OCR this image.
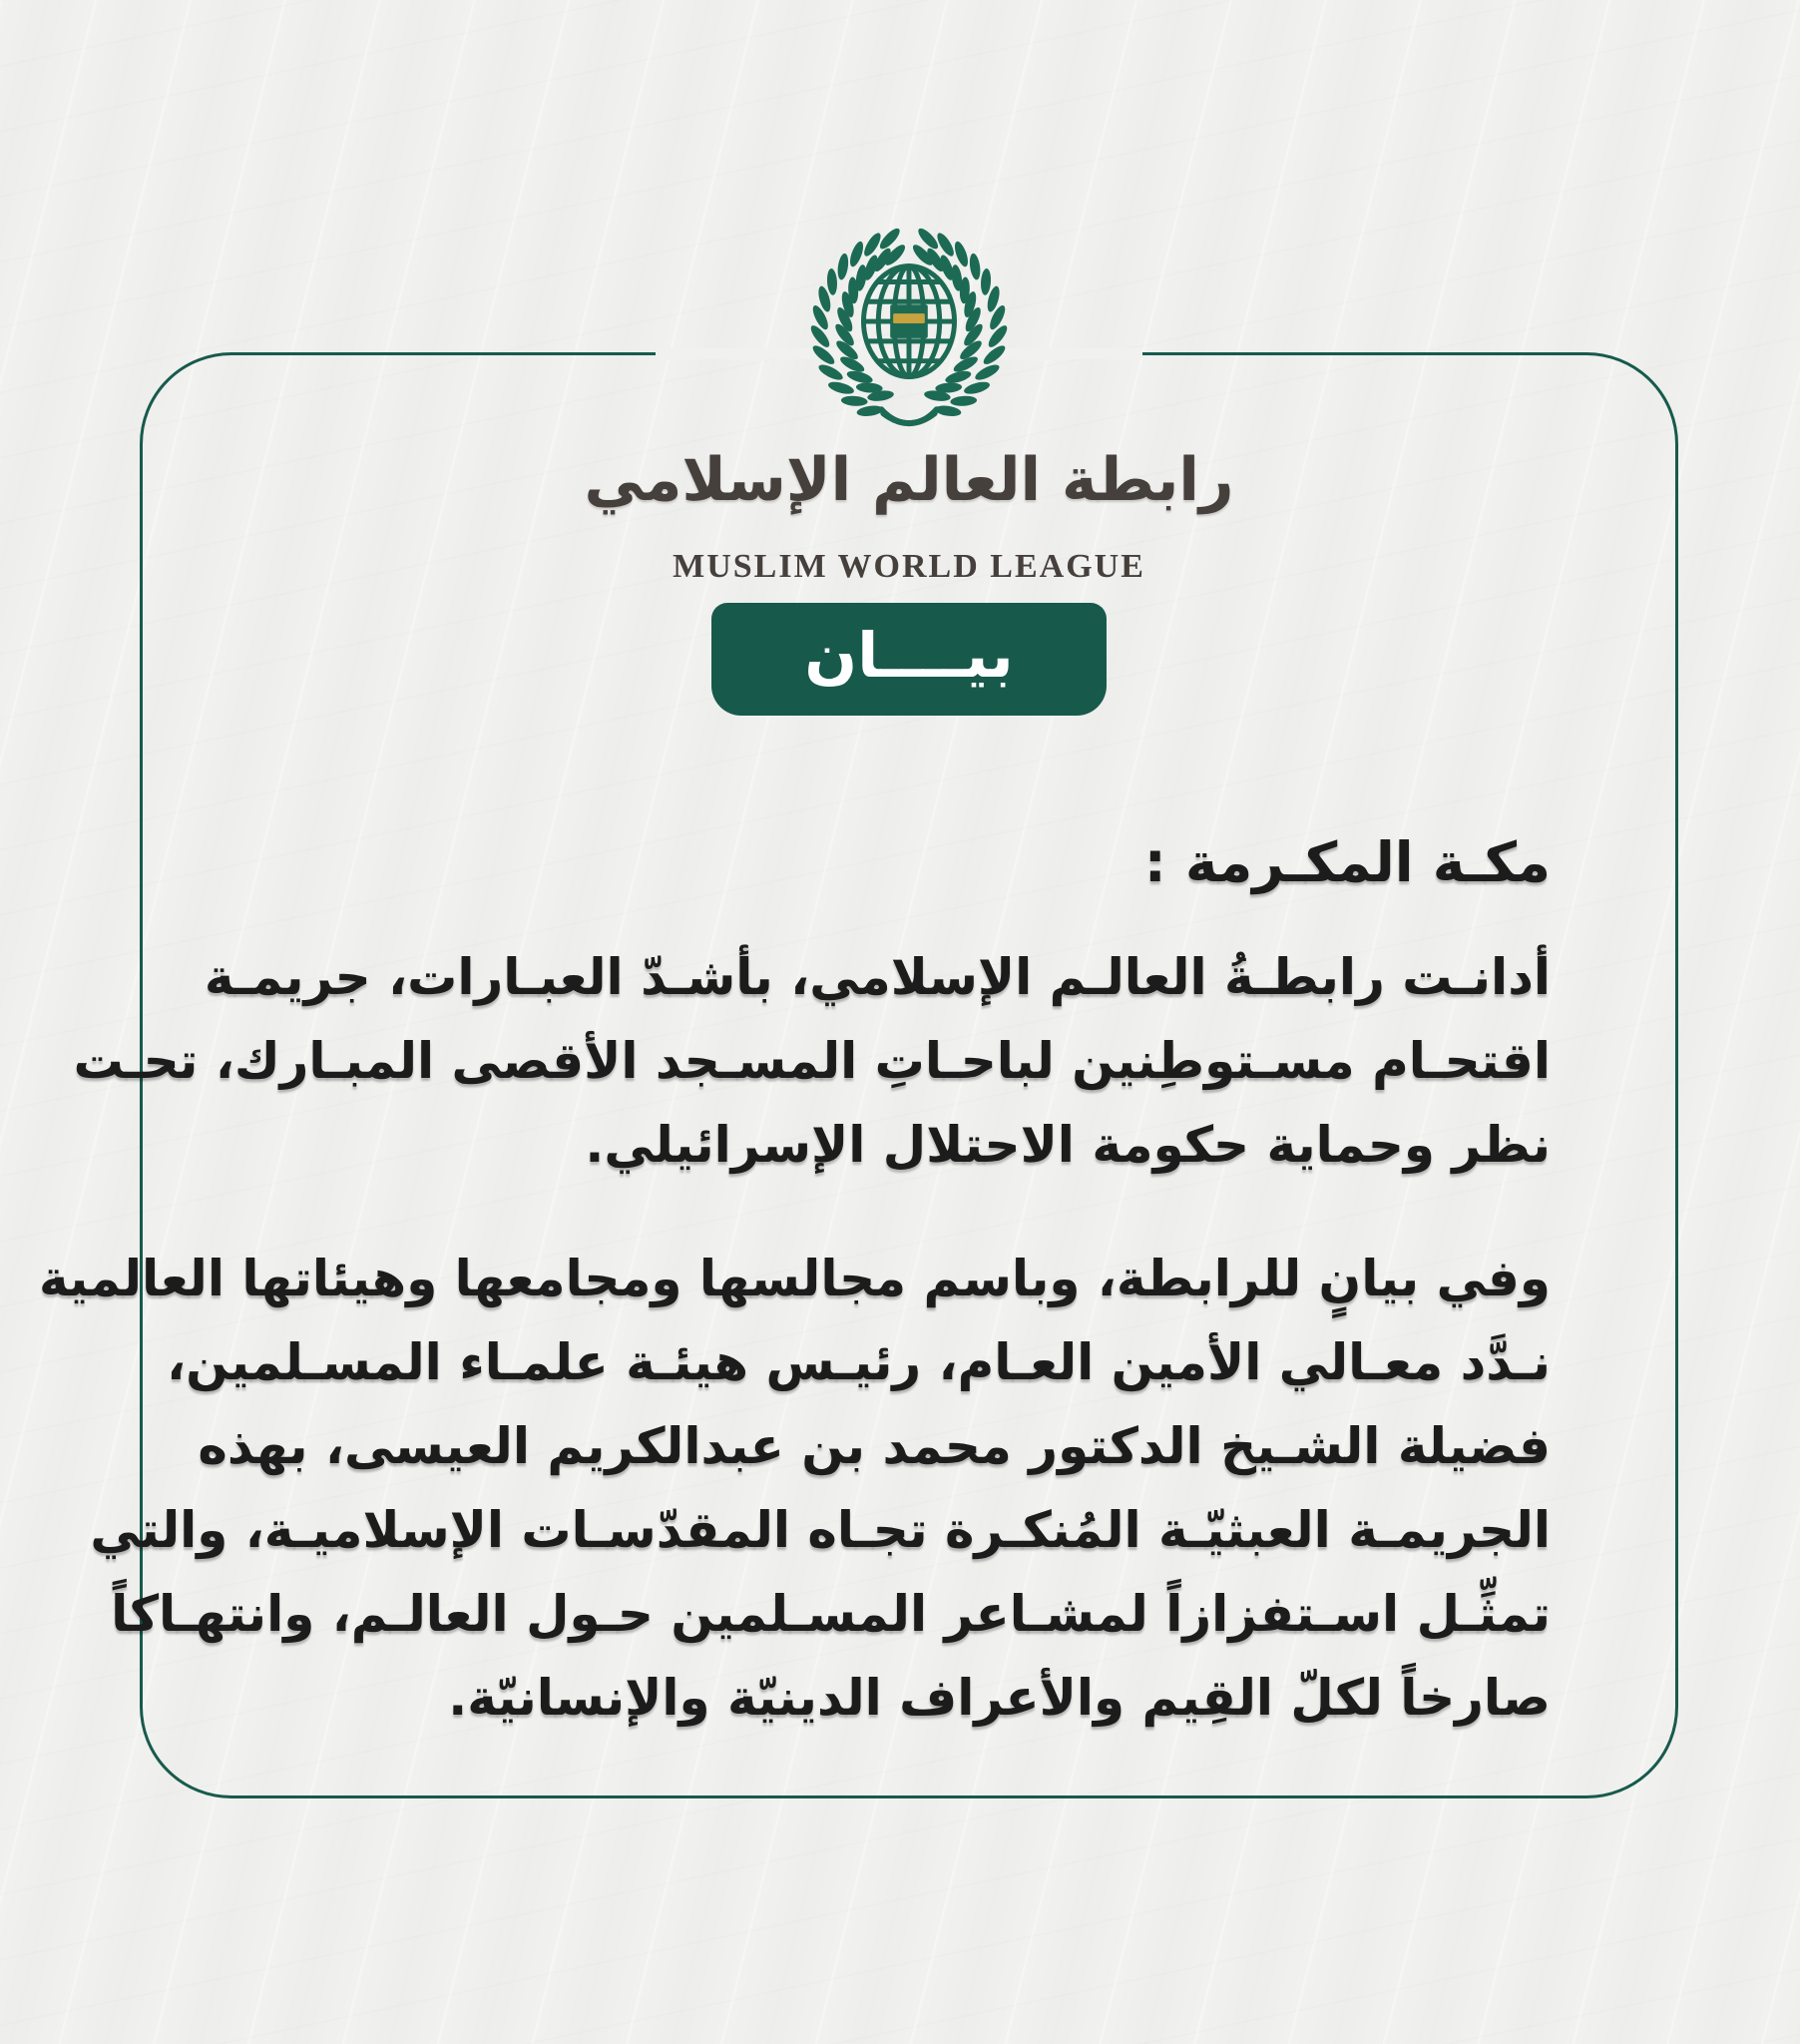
رابطة العالم الإسلامي
MUSLIM WORLD LEAGUE
بيــــان
مكـة المكـرمة :
أدانـت رابطـةُ العالـم الإسلامي، بأشـدّ العبـارات، جريمـة
اقتحـام مسـتوطِنين لباحـاتِ المسـجد الأقصى المبـارك، تحـت
نظر وحماية حكومة الاحتلال الإسرائيلي.
وفي بيانٍ للرابطة، وباسم مجالسها ومجامعها وهيئاتها العالمية
نـدَّد معـالي الأمين العـام، رئيـس هيئـة علمـاء المسـلمين،
فضيلة الشـيخ الدكتور محمد بن عبدالكريم العيسى، بهذه
الجريمـة العبثيّـة المُنكـرة تجـاه المقدّسـات الإسلاميـة، والتي
تمثِّـل اسـتفزازاً لمشـاعر المسـلمين حـول العالـم، وانتهـاكاً
صارخاً لكلّ القِيم والأعراف الدينيّة والإنسانيّة.
